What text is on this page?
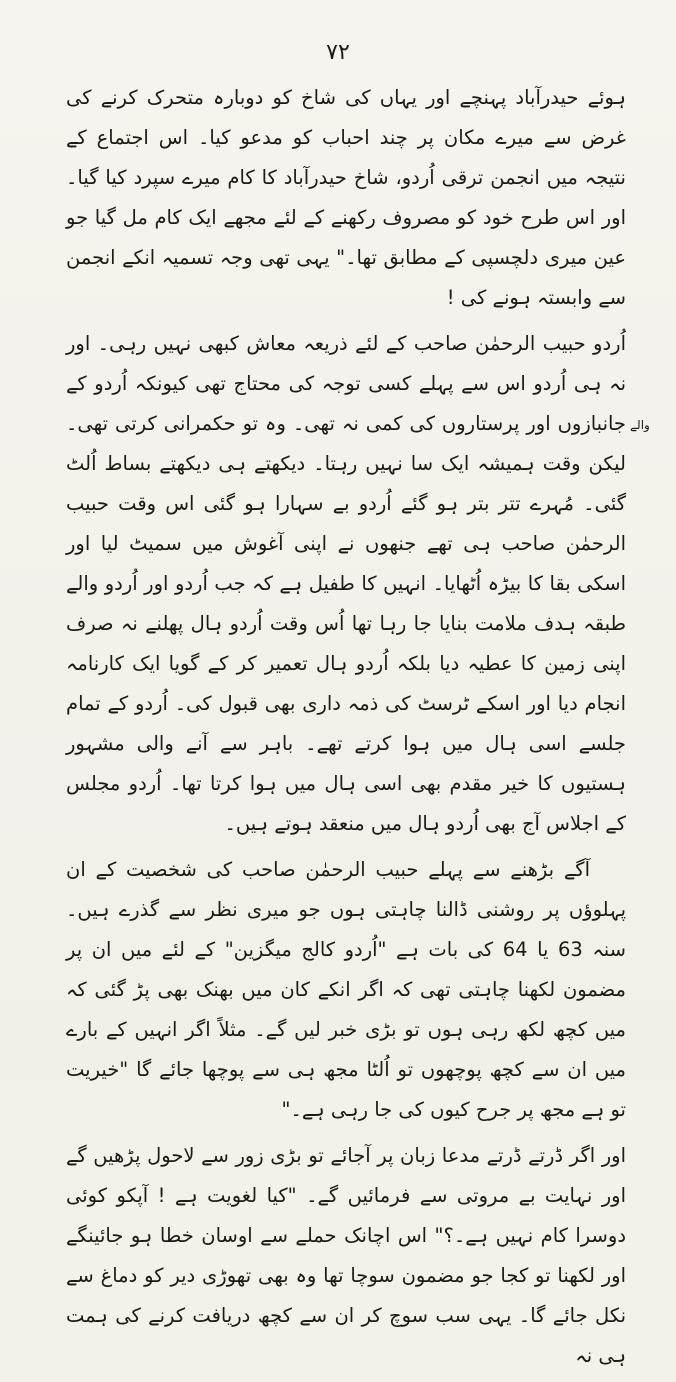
۷۲

ہوئے حیدرآباد پہنچے اور یہاں کی شاخ کو دوبارہ متحرک کرنے کی غرض سے میرے مکان پر چند احباب کو مدعو کیا۔ اس اجتماع کے نتیجہ میں انجمن ترقی اُردو، شاخ حیدرآباد کا کام میرے سپرد کیا گیا۔ اور اس طرح خود کو مصروف رکھنے کے لئے مجھے ایک کام مل گیا جو عین میری دلچسپی کے مطابق تھا۔" یہی تھی وجہ تسمیہ انکے انجمن سے وابستہ ہونے کی !

اُردو حبیب الرحمٰن صاحب کے لئے ذریعہ معاش کبھی نہیں رہی۔ اور نہ ہی اُردو اس سے پہلے کسی توجہ کی محتاج تھی کیونکہ اُردو کے جانبازوں اور پرستاروں کی کمی نہ تھی۔ وہ تو حکمرانی کرتی تھی۔ لیکن وقت ہمیشہ ایک سا نہیں رہتا۔ دیکھتے ہی دیکھتے بساط اُلٹ گئی۔ مُہرے تتر بتر ہو گئے اُردو بے سہارا ہو گئی اس وقت حبیب الرحمٰن صاحب ہی تھے جنھوں نے اپنی آغوش میں سمیٹ لیا اور اسکی بقا کا بیڑہ اُٹھایا۔ انہیں کا طفیل ہے کہ جب اُردو اور اُردو والے طبقہ ہدف ملامت بنایا جا رہا تھا اُس وقت اُردو ہال پھلنے نہ صرف اپنی زمین کا عطیہ دیا بلکہ اُردو ہال تعمیر کر کے گویا ایک کارنامہ انجام دیا اور اسکے ٹرسٹ کی ذمہ داری بھی قبول کی۔ اُردو کے تمام جلسے اسی ہال میں ہوا کرتے تھے۔ باہر سے آنے والی مشہور ہستیوں کا خیر مقدم بھی اسی ہال میں ہوا کرتا تھا۔ اُردو مجلس کے اجلاس آج بھی اُردو ہال میں منعقد ہوتے ہیں۔

آگے بڑھنے سے پہلے حبیب الرحمٰن صاحب کی شخصیت کے ان پہلوؤں پر روشنی ڈالنا چاہتی ہوں جو میری نظر سے گذرے ہیں۔ سنہ 63 یا 64 کی بات ہے "اُردو کالج میگزین" کے لئے میں ان پر مضمون لکھنا چاہتی تھی کہ اگر انکے کان میں بھنک بھی پڑ گئی کہ میں کچھ لکھ رہی ہوں تو بڑی خبر لیں گے۔ مثلاً اگر انہیں کے بارے میں ان سے کچھ پوچھوں تو اُلٹا مجھ ہی سے پوچھا جائے گا "خیریت تو ہے مجھ پر جرح کیوں کی جا رہی ہے۔"

اور اگر ڈرتے ڈرتے مدعا زبان پر آجائے تو بڑی زور سے لاحول پڑھیں گے اور نہایت بے مروتی سے فرمائیں گے۔ "کیا لغویت ہے ! آپکو کوئی دوسرا کام نہیں ہے۔؟" اس اچانک حملے سے اوسان خطا ہو جائینگے اور لکھنا تو کجا جو مضمون سوچا تھا وہ بھی تھوڑی دیر کو دماغ سے نکل جائے گا۔ یہی سب سوچ کر ان سے کچھ دریافت کرنے کی ہمت ہی نہ

والے
